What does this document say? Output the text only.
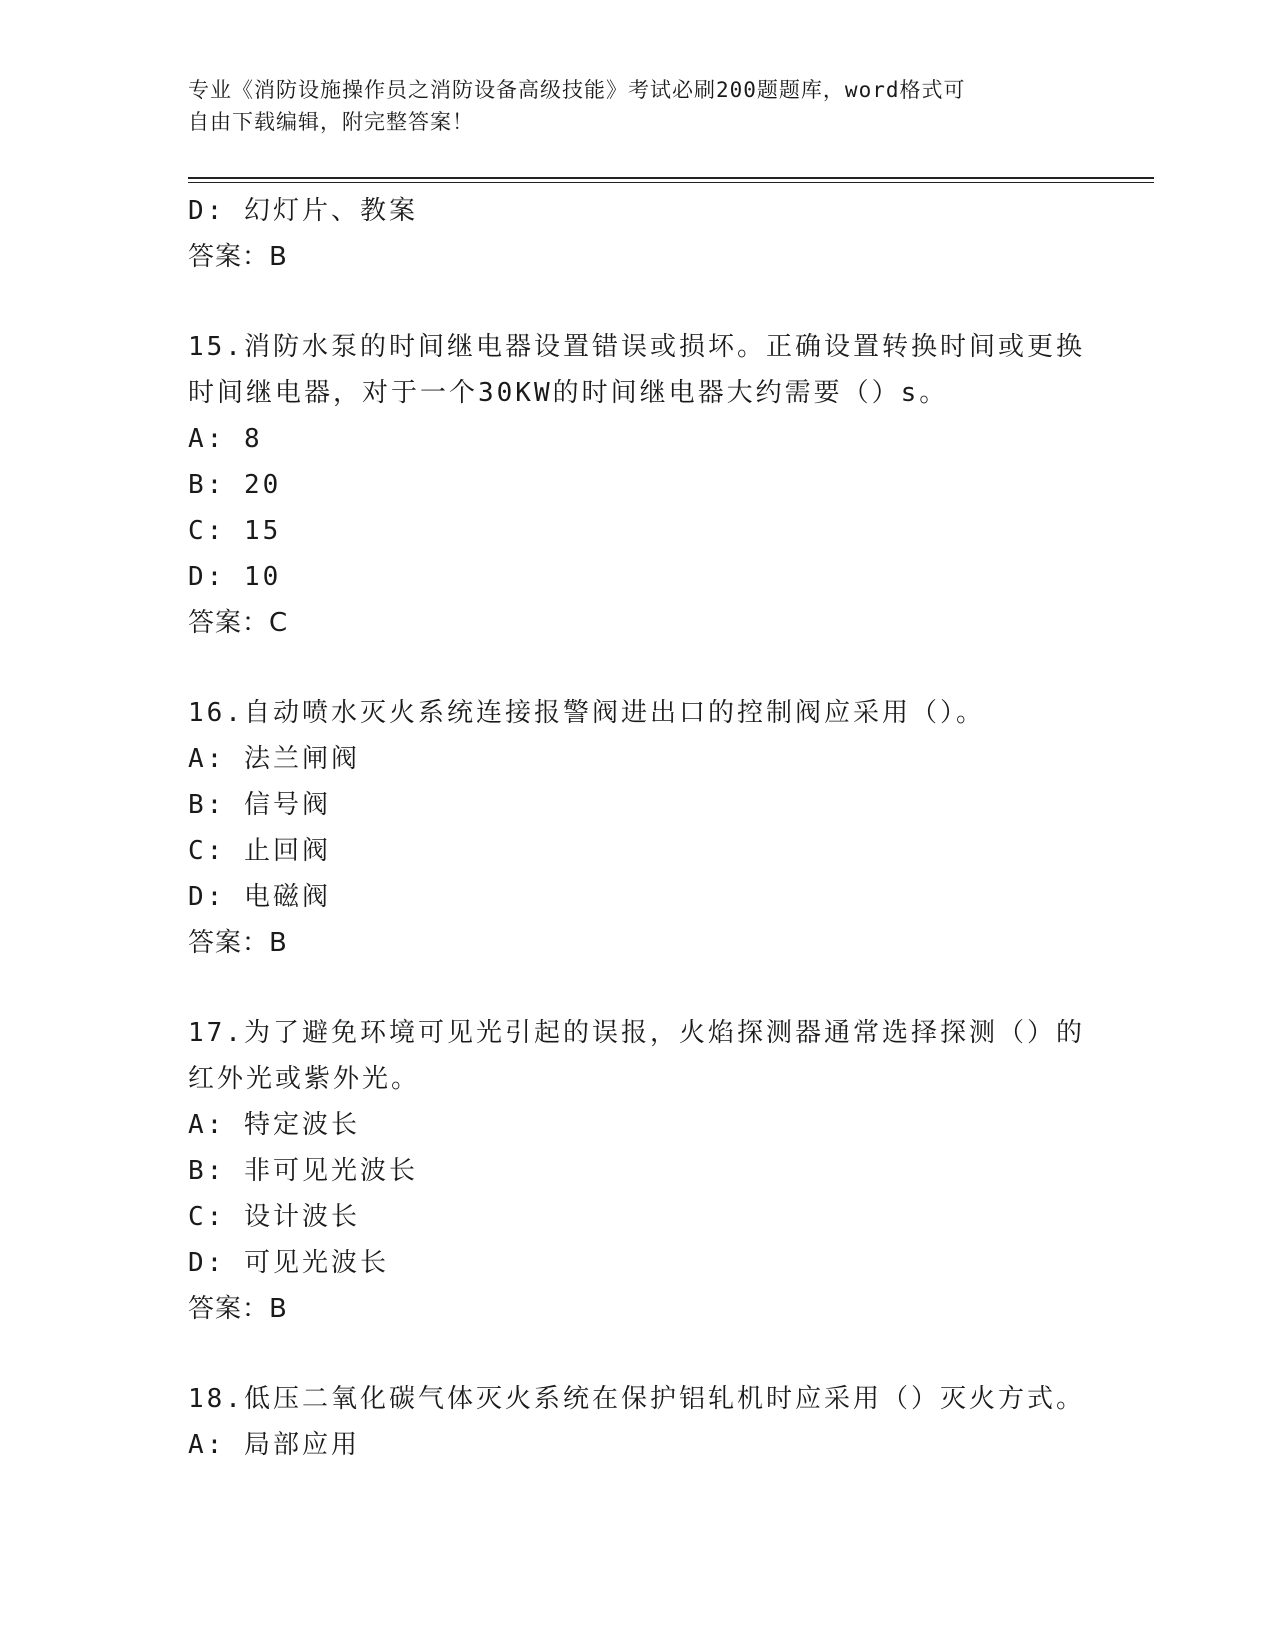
专业《消防设施操作员之消防设备高级技能》考试必刷200题题库，word格式可
自由下载编辑，附完整答案！
D: 幻灯片、教案
答案：B
15.消防水泵的时间继电器设置错误或损坏。正确设置转换时间或更换
时间继电器，对于一个30KW的时间继电器大约需要（）s。
A: 8
B: 20
C: 15
D: 10
答案：C
16.自动喷水灭火系统连接报警阀进出口的控制阀应采用（）。
A: 法兰闸阀
B: 信号阀
C: 止回阀
D: 电磁阀
答案：B
17.为了避免环境可见光引起的误报，火焰探测器通常选择探测（）的
红外光或紫外光。
A: 特定波长
B: 非可见光波长
C: 设计波长
D: 可见光波长
答案：B
18.低压二氧化碳气体灭火系统在保护铝轧机时应采用（）灭火方式。
A: 局部应用
